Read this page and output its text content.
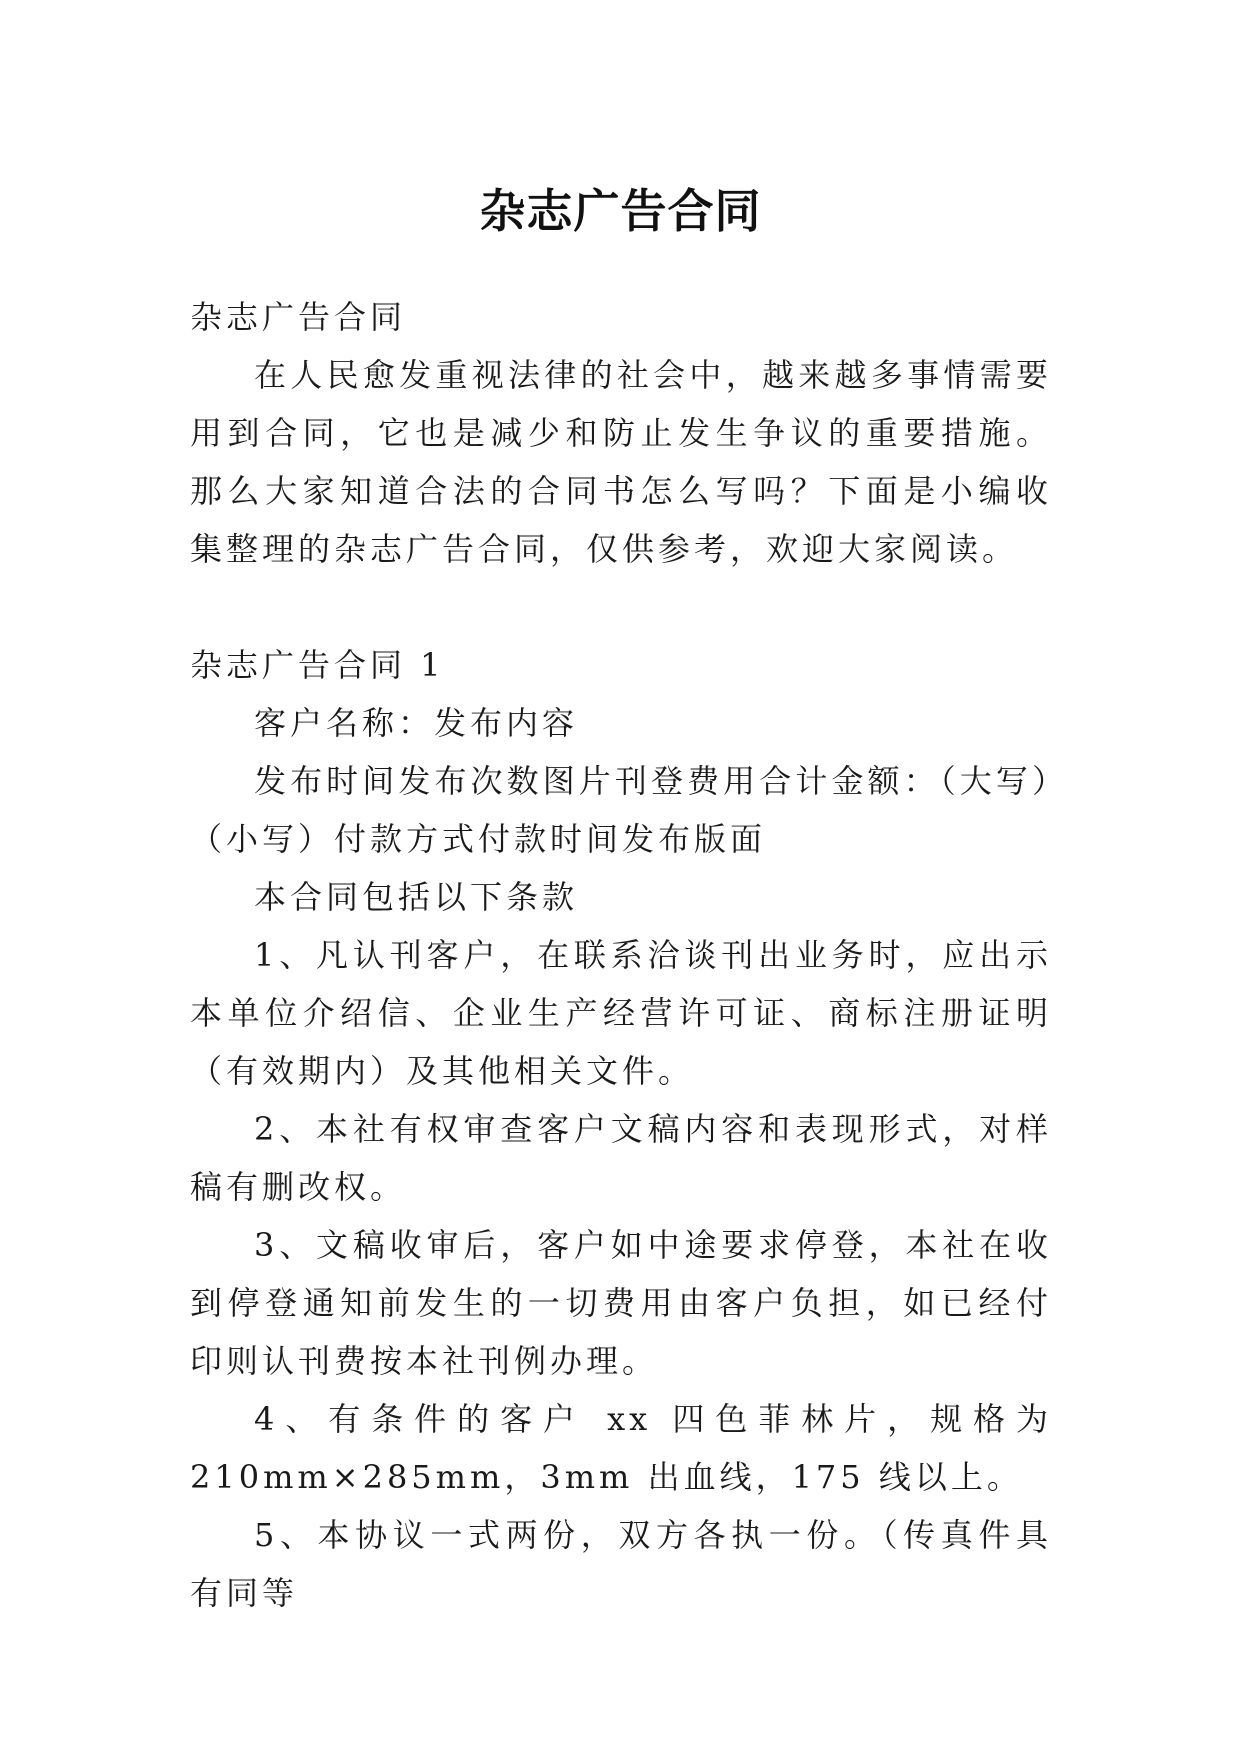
杂志广告合同

杂志广告合同

在人民愈发重视法律的社会中，越来越多事情需要用到合同，它也是减少和防止发生争议的重要措施。那么大家知道合法的合同书怎么写吗？下面是小编收集整理的杂志广告合同，仅供参考，欢迎大家阅读。

杂志广告合同 1

客户名称：发布内容

发布时间发布次数图片刊登费用合计金额：（大写）（小写）付款方式付款时间发布版面

本合同包括以下条款

1、凡认刊客户，在联系洽谈刊出业务时，应出示本单位介绍信、企业生产经营许可证、商标注册证明（有效期内）及其他相关文件。

2、本社有权审查客户文稿内容和表现形式，对样稿有删改权。

3、文稿收审后，客户如中途要求停登，本社在收到停登通知前发生的一切费用由客户负担，如已经付印则认刊费按本社刊例办理。

4、有条件的客户 xx 四色菲林片，规格为 210mm×285mm，3mm 出血线，175 线以上。

5、本协议一式两份，双方各执一份。（传真件具有同等
